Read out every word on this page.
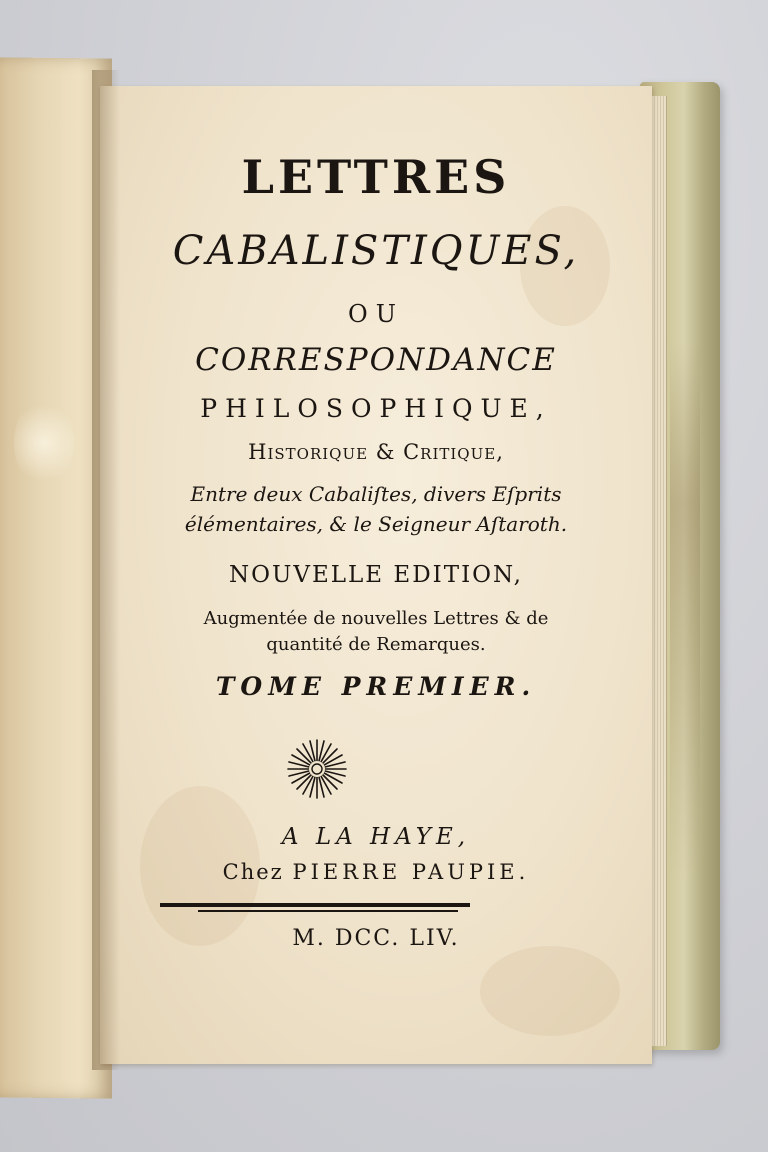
LETTRES
CABALISTIQUES,
OU
CORRESPONDANCE
PHILOSOPHIQUE,
Historique & Critique,
Entre deux Cabaliſtes, divers Eſprits
élémentaires, & le Seigneur Aſtaroth.
NOUVELLE EDITION,
Augmentée de nouvelles Lettres & de
quantité de Remarques.
TOME PREMIER.
A LA HAYE,
Chez PIERRE PAUPIE.
M. DCC. LIV.
